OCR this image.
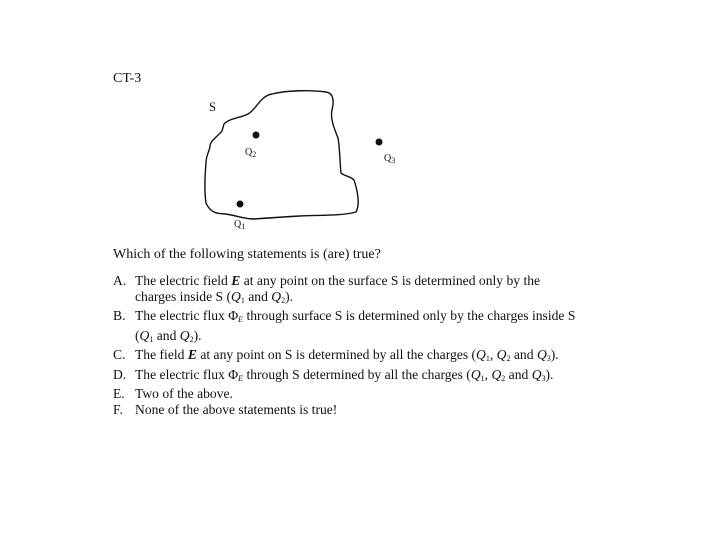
CT-3
S
$Q_2$	$Q_3$
$Q_1$
Which of the following statements is (are) true?
A. The electric field E at any point on the surface S is determined only by the charges inside S ($Q_1$ and $Q_2$).
B. The electric flux $\Phi_E$ through surface S is determined only by the charges inside S ($Q_1$ and $Q_2$).
C. The field E at any point on S is determined by all the charges ($Q_1$, $Q_2$ and $Q_3$).
D. The electric flux $\Phi_E$ through S determined by all the charges ($Q_1$, $Q_2$ and $Q_3$).
E. Two of the above.
F. None of the above statements is true!
